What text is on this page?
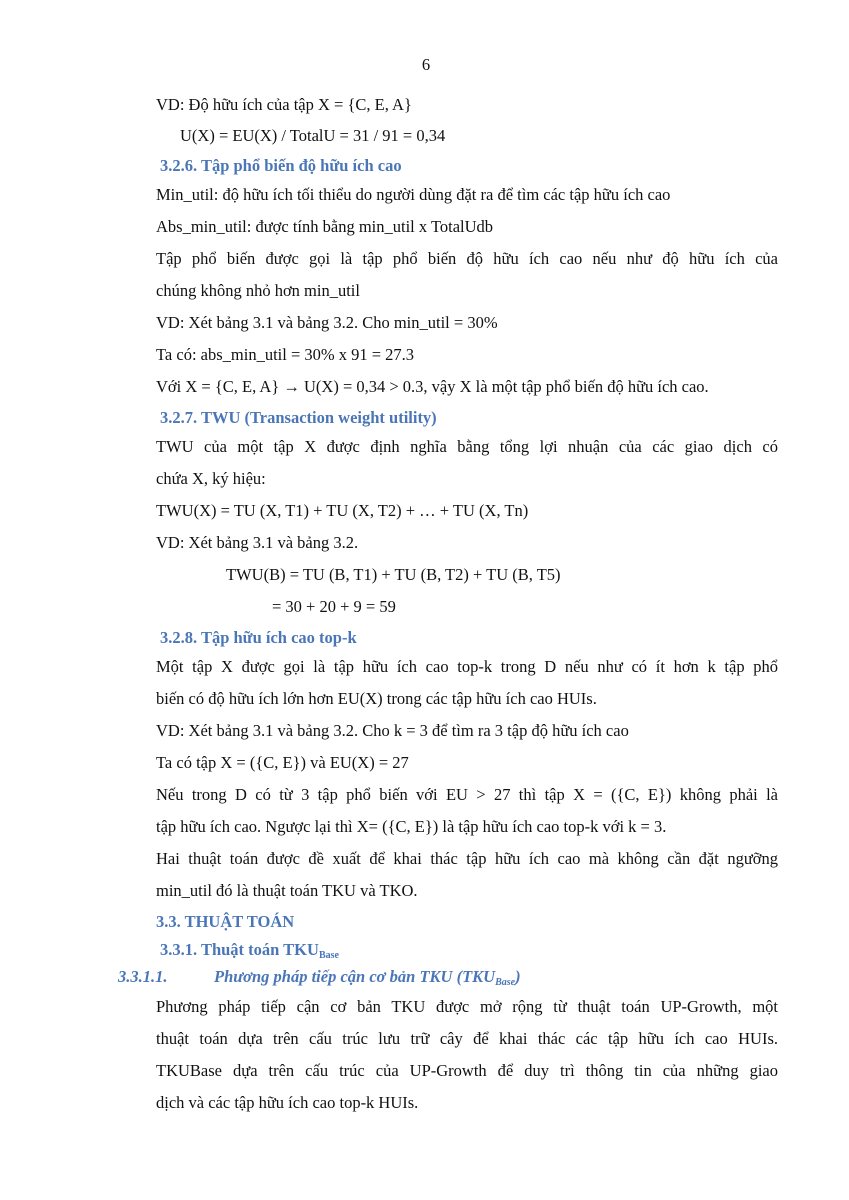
6
VD: Độ hữu ích của tập X = {C, E, A}
U(X) = EU(X) / TotalU = 31 / 91 = 0,34
3.2.6. Tập phổ biến độ hữu ích cao
Min_util: độ hữu ích tối thiểu do người dùng đặt ra để tìm các tập hữu ích cao
Abs_min_util: được tính bằng min_util x TotalUdb
Tập phổ biến được gọi là tập phổ biến độ hữu ích cao nếu như độ hữu ích của
chúng không nhỏ hơn min_util
VD: Xét bảng 3.1 và bảng 3.2. Cho min_util = 30%
Ta có: abs_min_util = 30% x 91 = 27.3
Với X = {C, E, A} → U(X) = 0,34 > 0.3, vậy X là một tập phổ biến độ hữu ích cao.
3.2.7. TWU (Transaction weight utility)
TWU của một tập X được định nghĩa bằng tổng lợi nhuận của các giao dịch có
chứa X, ký hiệu:
TWU(X) = TU (X, T1) + TU (X, T2) + … + TU (X, Tn)
VD: Xét bảng 3.1 và bảng 3.2.
TWU(B) = TU (B, T1) + TU (B, T2) + TU (B, T5)
= 30 + 20 + 9 = 59
3.2.8. Tập hữu ích cao top-k
Một tập X được gọi là tập hữu ích cao top-k trong D nếu như có ít hơn k tập phổ
biến có độ hữu ích lớn hơn EU(X) trong các tập hữu ích cao HUIs.
VD: Xét bảng 3.1 và bảng 3.2. Cho k = 3 để tìm ra 3 tập độ hữu ích cao
Ta có tập X = ({C, E}) và EU(X) = 27
Nếu trong D có từ 3 tập phổ biến với EU > 27 thì tập X = ({C, E}) không phải là
tập hữu ích cao. Ngược lại thì X= ({C, E}) là tập hữu ích cao top-k với k = 3.
Hai thuật toán được đề xuất để khai thác tập hữu ích cao mà không cần đặt ngưỡng
min_util đó là thuật toán TKU và TKO.
3.3. THUẬT TOÁN
3.3.1. Thuật toán $TKU_{Base}$
3.3.1.1.	Phương pháp tiếp cận cơ bản TKU $(TKU_{Base})$
Phương pháp tiếp cận cơ bản TKU được mở rộng từ thuật toán UP-Growth, một
thuật toán dựa trên cấu trúc lưu trữ cây để khai thác các tập hữu ích cao HUIs.
TKUBase dựa trên cấu trúc của UP-Growth để duy trì thông tin của những giao
dịch và các tập hữu ích cao top-k HUIs.
